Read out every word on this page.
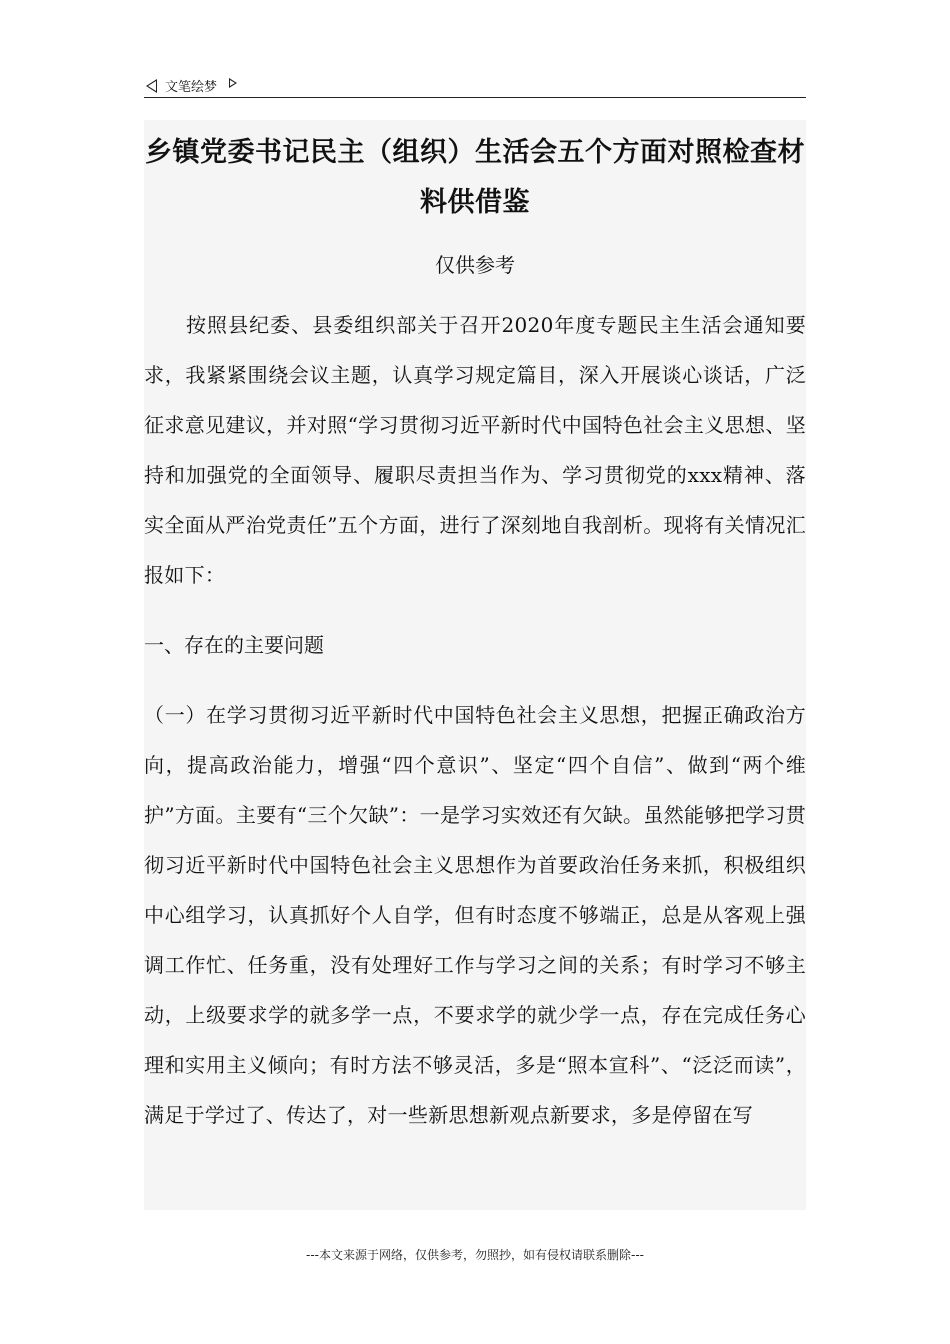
文笔绘梦
乡镇党委书记民主（组织）生活会五个方面对照检查材料供借鉴
仅供参考

按照县纪委、县委组织部关于召开2020年度专题民主生活会通知要求，我紧紧围绕会议主题，认真学习规定篇目，深入开展谈心谈话，广泛征求意见建议，并对照“学习贯彻习近平新时代中国特色社会主义思想、坚持和加强党的全面领导、履职尽责担当作为、学习贯彻党的xxx精神、落实全面从严治党责任”五个方面，进行了深刻地自我剖析。现将有关情况汇报如下：

一、存在的主要问题

（一）在学习贯彻习近平新时代中国特色社会主义思想，把握正确政治方向，提高政治能力，增强“四个意识”、坚定“四个自信”、做到“两个维护”方面。主要有“三个欠缺”：一是学习实效还有欠缺。虽然能够把学习贯彻习近平新时代中国特色社会主义思想作为首要政治任务来抓，积极组织中心组学习，认真抓好个人自学，但有时态度不够端正，总是从客观上强调工作忙、任务重，没有处理好工作与学习之间的关系；有时学习不够主动，上级要求学的就多学一点，不要求学的就少学一点，存在完成任务心理和实用主义倾向；有时方法不够灵活，多是“照本宣科”、“泛泛而读”，满足于学过了、传达了，对一些新思想新观点新要求，多是停留在写

---本文来源于网络，仅供参考，勿照抄，如有侵权请联系删除---
